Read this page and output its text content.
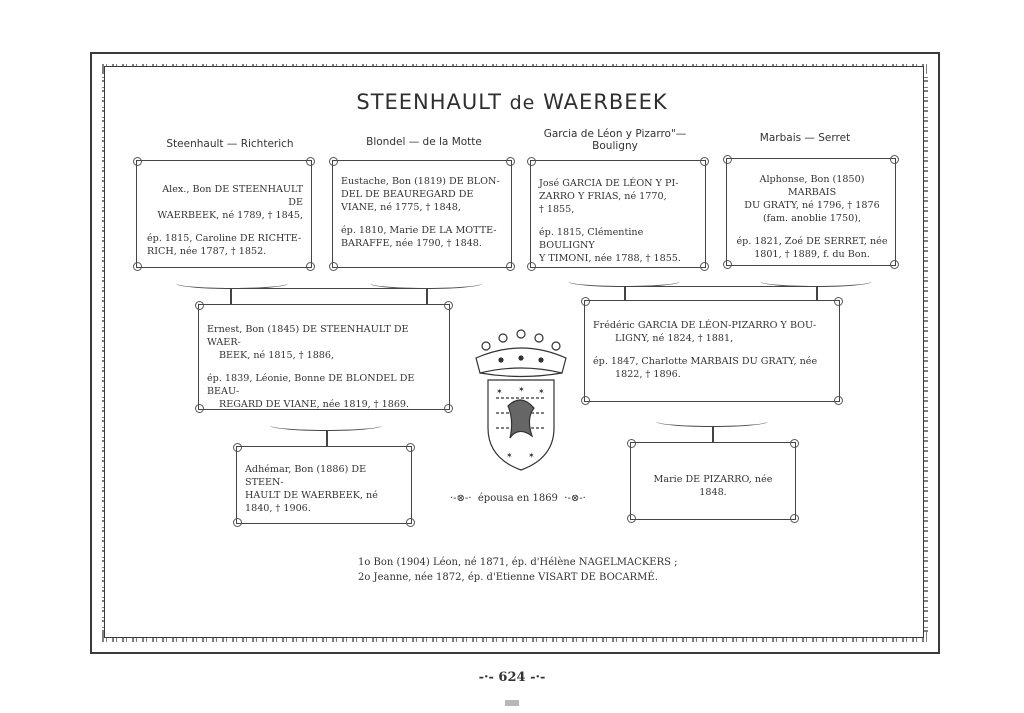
STEENHAULT de WAERBEEK
Steenhault — Richterich	Blondel — de la Motte
Garcia de Léon y Pizarro"—
Bouligny
Marbais — Serret

Alex., Bon DE STEENHAULT DE

WAERBEEK, né 1789, † 1845,

ép. 1815, Caroline DE RICHTE-

RICH, née 1787, † 1852.

Eustache, Bon (1819) DE BLON-

DEL DE BEAUREGARD DE

VIANE, né 1775, † 1848,

ép. 1810, Marie DE LA MOTTE-

BARAFFE, née 1790, † 1848.

José GARCIA DE LÉON Y PI-

ZARRO Y FRIAS, né 1770,

† 1855,

ép. 1815, Clémentine BOULIGNY

Y TIMONI, née 1788, † 1855.

Alphonse, Bon (1850) MARBAIS

DU GRATY, né 1796, † 1876

(fam. anoblie 1750),

ép. 1821, Zoé DE SERRET, née

1801, † 1889, f. du Bon.

Ernest, Bon (1845) DE STEENHAULT DE WAER-

BEEK, né 1815, † 1886,

ép. 1839, Léonie, Bonne DE BLONDEL DE BEAU-

REGARD DE VIANE, née 1819, † 1869.

Frédéric GARCIA DE LÉON-PIZARRO Y BOU-

LIGNY, né 1824, † 1881,

ép. 1847, Charlotte MARBAIS DU GRATY, née

1822, † 1896.

✶ ✶ ✶
✶ ✶

Adhémar, Bon (1886) DE STEEN-

HAULT DE WAERBEEK, né

1840, † 1906.

Marie DE PIZARRO, née 1848.

·-⊗-·  épousa en 1869  ·-⊗-·

1o Bon (1904) Léon, né 1871, ép. d'Hélène NAGELMACKERS ;

2o Jeanne, née 1872, ép. d'Etienne VISART DE BOCARMÉ.

-·- 624 -·-
